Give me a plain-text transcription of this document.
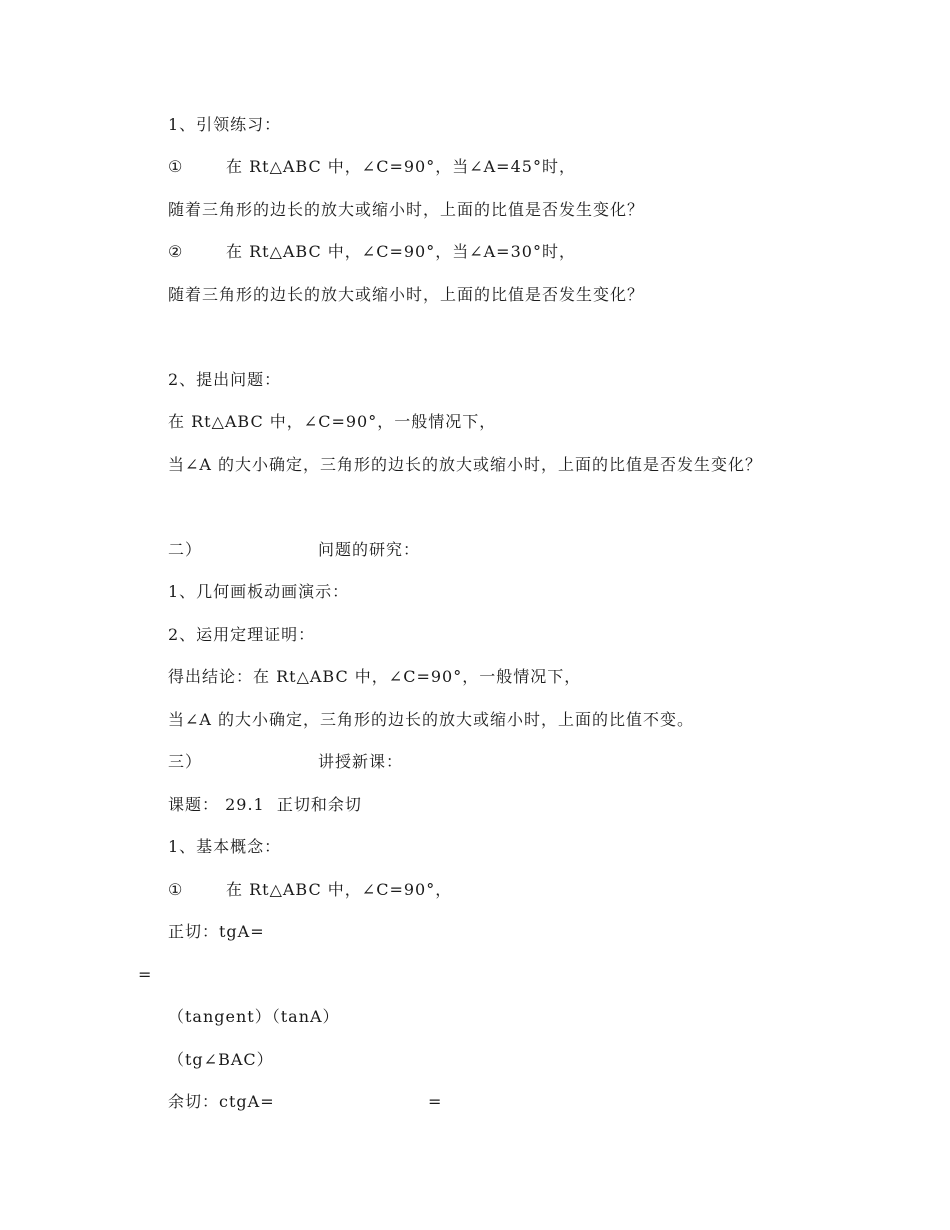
1、引领练习：
①	在 Rt△ABC 中，∠C=90°，当∠A=45°时，
随着三角形的边长的放大或缩小时，上面的比值是否发生变化？
②	在 Rt△ABC 中，∠C=90°，当∠A=30°时，
随着三角形的边长的放大或缩小时，上面的比值是否发生变化？
2、提出问题：
在 Rt△ABC 中，∠C=90°，一般情况下，
当∠A 的大小确定，三角形的边长的放大或缩小时，上面的比值是否发生变化？
二）	问题的研究：
1、几何画板动画演示：
2、运用定理证明：
得出结论：在 Rt△ABC 中，∠C=90°，一般情况下，
当∠A 的大小确定，三角形的边长的放大或缩小时，上面的比值不变。
三）	讲授新课：
课题： 29.1  正切和余切
1、基本概念：
①	在 Rt△ABC 中，∠C=90°，
正切：tgA=
=
（tangent）（tanA）
（tg∠BAC）
余切：ctgA=	=
